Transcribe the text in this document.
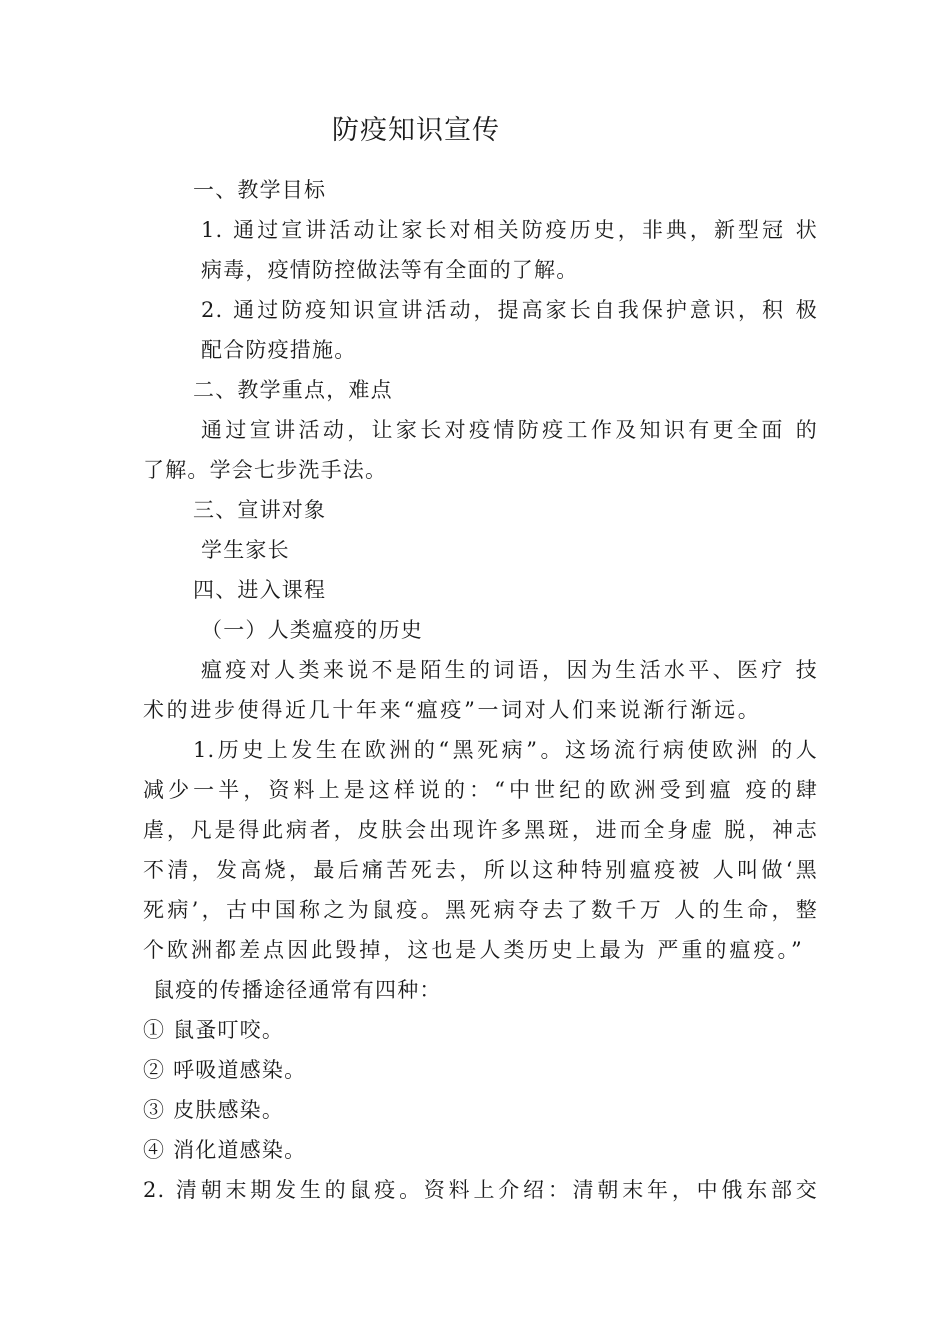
防疫知识宣传
一、教学目标
1. 通过宣讲活动让家长对相关防疫历史，非典，新型冠 状
病毒，疫情防控做法等有全面的了解。
2. 通过防疫知识宣讲活动，提高家长自我保护意识，积 极
配合防疫措施。
二、教学重点，难点
通过宣讲活动，让家长对疫情防疫工作及知识有更全面 的
了解。学会七步洗手法。
三、宣讲对象
学生家长
四、进入课程
（一）人类瘟疫的历史
瘟疫对人类来说不是陌生的词语，因为生活水平、医疗 技
术的进步使得近几十年来“瘟疫”一词对人们来说渐行渐远。
1.历史上发生在欧洲的“黑死病”。这场流行病使欧洲 的人
减少一半，资料上是这样说的：“中世纪的欧洲受到瘟 疫的肆
虐，凡是得此病者，皮肤会出现许多黑斑，进而全身虚 脱，神志
不清，发高烧，最后痛苦死去，所以这种特别瘟疫被 人叫做‘黑
死病’，古中国称之为鼠疫。黑死病夺去了数千万 人的生命，整
个欧洲都差点因此毁掉，这也是人类历史上最为 严重的瘟疫。”
鼠疫的传播途径通常有四种：
① 鼠蚤叮咬。
② 呼吸道感染。
③ 皮肤感染。
④ 消化道感染。
2. 清朝末期发生的鼠疫。资料上介绍：清朝末年，中俄东部交
